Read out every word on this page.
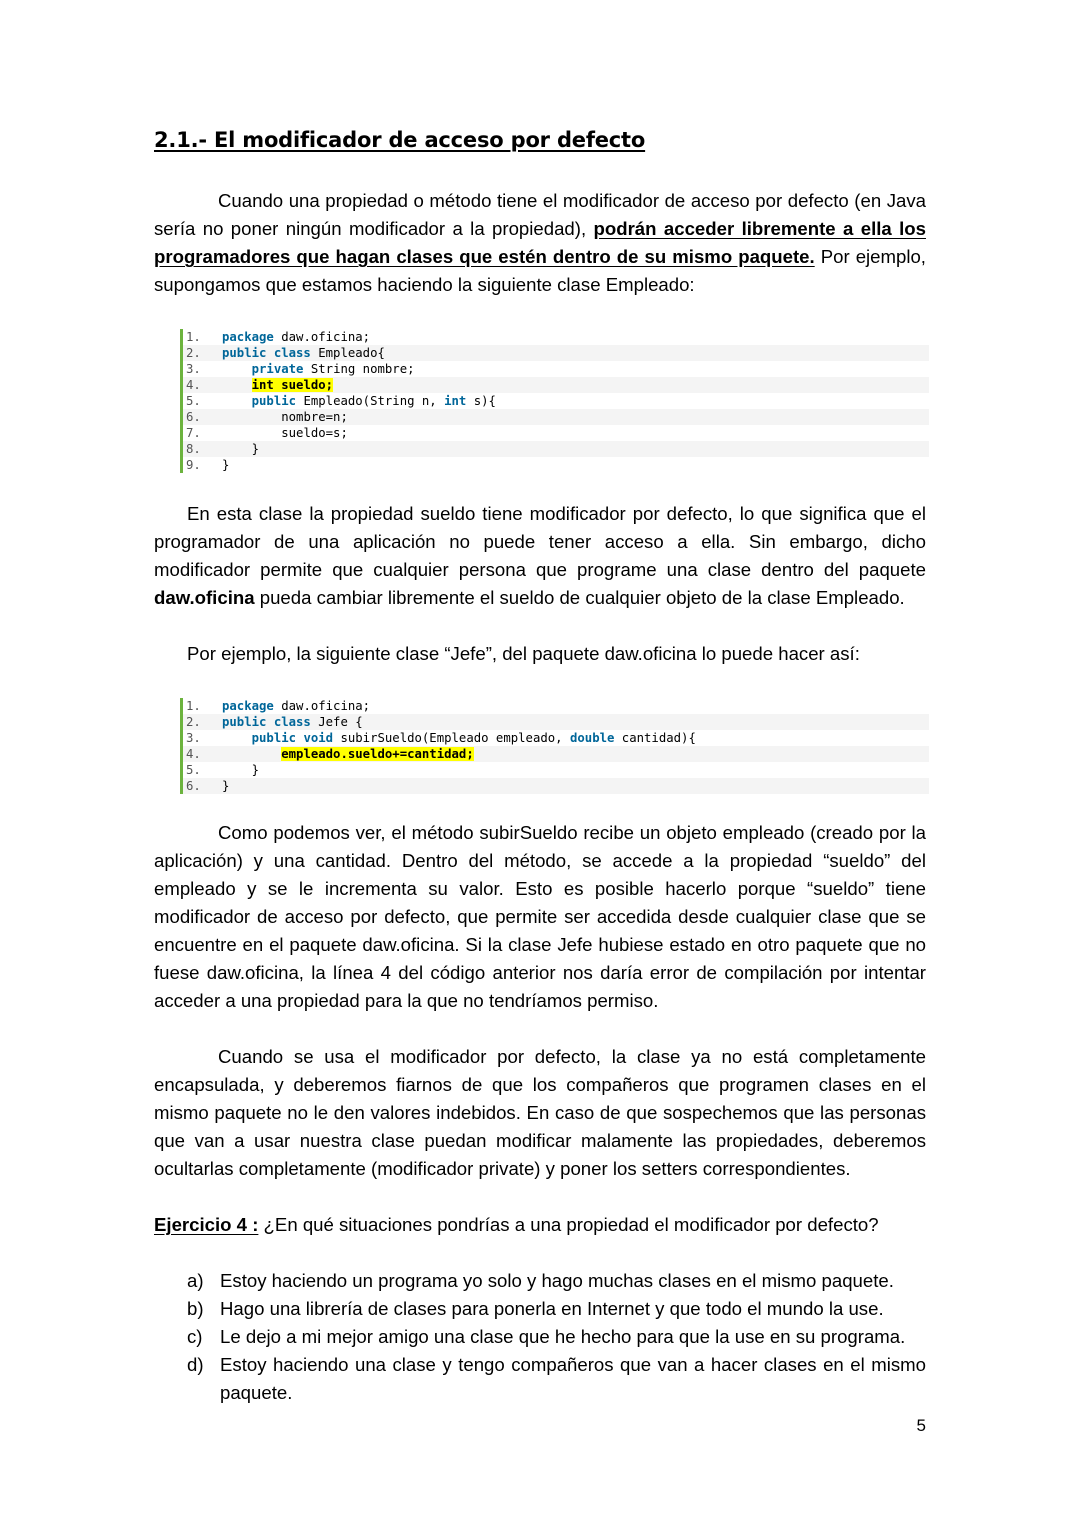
2.1.- El modificador de acceso por defecto

Cuando una propiedad o método tiene el modificador de acceso por defecto (en Java sería no poner ningún modificador a la propiedad), podrán acceder libremente a ella los programadores que hagan clases que estén dentro de su mismo paquete. Por ejemplo, supongamos que estamos haciendo la siguiente clase Empleado:

1.	package daw.oficina;
2.	public class Empleado{
3.	private String nombre;
4.	int sueldo;
5.	public Empleado(String n, int s){
6.	nombre=n;
7.	sueldo=s;
8.	}
9.	}

En esta clase la propiedad sueldo tiene modificador por defecto, lo que significa que el programador de una aplicación no puede tener acceso a ella. Sin embargo, dicho modificador permite que cualquier persona que programe una clase dentro del paquete daw.oficina pueda cambiar libremente el sueldo de cualquier objeto de la clase Empleado.

Por ejemplo, la siguiente clase “Jefe”, del paquete daw.oficina lo puede hacer así:

1.	package daw.oficina;
2.	public class Jefe {
3.	public void subirSueldo(Empleado empleado, double cantidad){
4.	empleado.sueldo+=cantidad;
5.	}
6.	}

Como podemos ver, el método subirSueldo recibe un objeto empleado (creado por la aplicación) y una cantidad. Dentro del método, se accede a la propiedad “sueldo” del empleado y se le incrementa su valor. Esto es posible hacerlo porque “sueldo” tiene modificador de acceso por defecto, que permite ser accedida desde cualquier clase que se encuentre en el paquete daw.oficina. Si la clase Jefe hubiese estado en otro paquete que no fuese daw.oficina, la línea 4 del código anterior nos daría error de compilación por intentar acceder a una propiedad para la que no tendríamos permiso.

Cuando se usa el modificador por defecto, la clase ya no está completamente encapsulada, y deberemos fiarnos de que los compañeros que programen clases en el mismo paquete no le den valores indebidos. En caso de que sospechemos que las personas que van a usar nuestra clase puedan modificar malamente las propiedades, deberemos ocultarlas completamente (modificador private) y poner los setters correspondientes.

Ejercicio 4 : ¿En qué situaciones pondrías a una propiedad el modificador por defecto?

a) Estoy haciendo un programa yo solo y hago muchas clases en el mismo paquete.
b) Hago una librería de clases para ponerla en Internet y que todo el mundo la use.
c) Le dejo a mi mejor amigo una clase que he hecho para que la use en su programa.
d) Estoy haciendo una clase y tengo compañeros que van a hacer clases en el mismo paquete.
5
